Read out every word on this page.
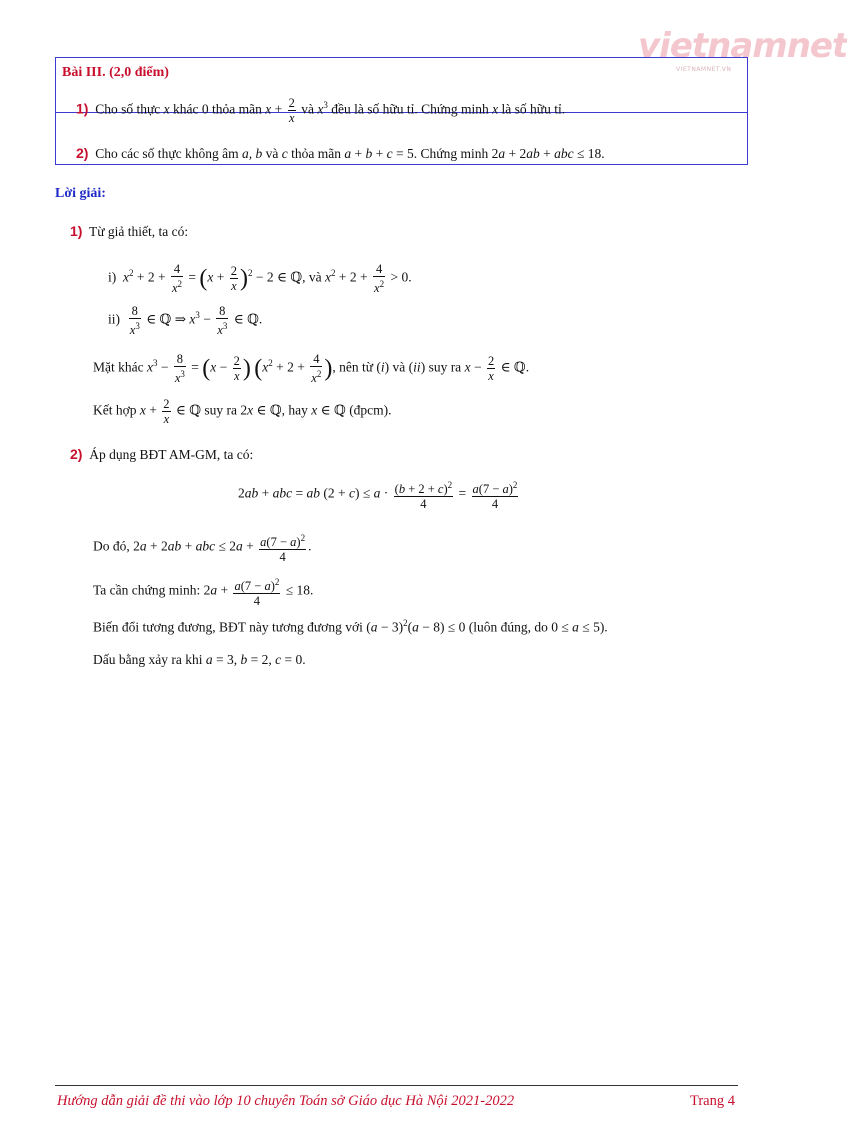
vietnamnet
VIETNAMNET.VN
Bài III. (2,0 điểm)
1) Cho số thực x khác 0 thỏa mãn $x + \frac{2}{x}$ và $x^3$ đều là số hữu tỉ. Chứng minh x là số hữu tỉ.
2) Cho các số thực không âm a, b và c thỏa mãn a + b + c = 5. Chứng minh 2a + 2ab + abc ≤ 18.
Lời giải:
1) Từ giả thiết, ta có:
i) $x^2 + 2 + \frac{4}{x^2} = (x + \frac{2}{x} )^2 - 2$ ∈ ℚ, và $x^2 + 2 + \frac{4}{x^2} > 0$.
$ii) \frac{8}{x^3}$ ∈ ℚ ⇒ $x^3 - \frac{8}{x^3}$ ∈ ℚ.
Mặt khác $x^3 - \frac{8}{x^3} = (x - \frac{2}{x}$ ) ($x^2 + 2 + \frac{4}{x^2}$ ), nên từ (i) và (ii) suy ra $x - \frac{2}{x}$ ∈ ℚ.
Kết hợp $x + \frac{2}{x}$ ∈ ℚ suy ra 2x ∈ ℚ, hay x ∈ ℚ (đpcm).
2) Áp dụng BĐT AM-GM, ta có:
2ab + abc = ab $(2 + c) \le a \cdot \frac{(b + 2 + c)^2}{4} = \frac{a(7 - a)^2}{4}$
Do đó, 2a + 2ab + abc ≤ $2a + \frac{a(7 - a)^2}{4}$ .
Ta cần chứng minh: $2a + \frac{a(7 - a)^2}{4} \le 18$.
Biến đổi tương đương, BĐT này tương đương với $(a - 3)^2(a - 8) \le 0$ (luôn đúng, do 0 ≤ a ≤ 5).
Dấu bằng xảy ra khi a = 3, b = 2, c = 0.
Hướng dẫn giải đề thi vào lớp 10 chuyên Toán sở Giáo dục Hà Nội 2021-2022	Trang 4
